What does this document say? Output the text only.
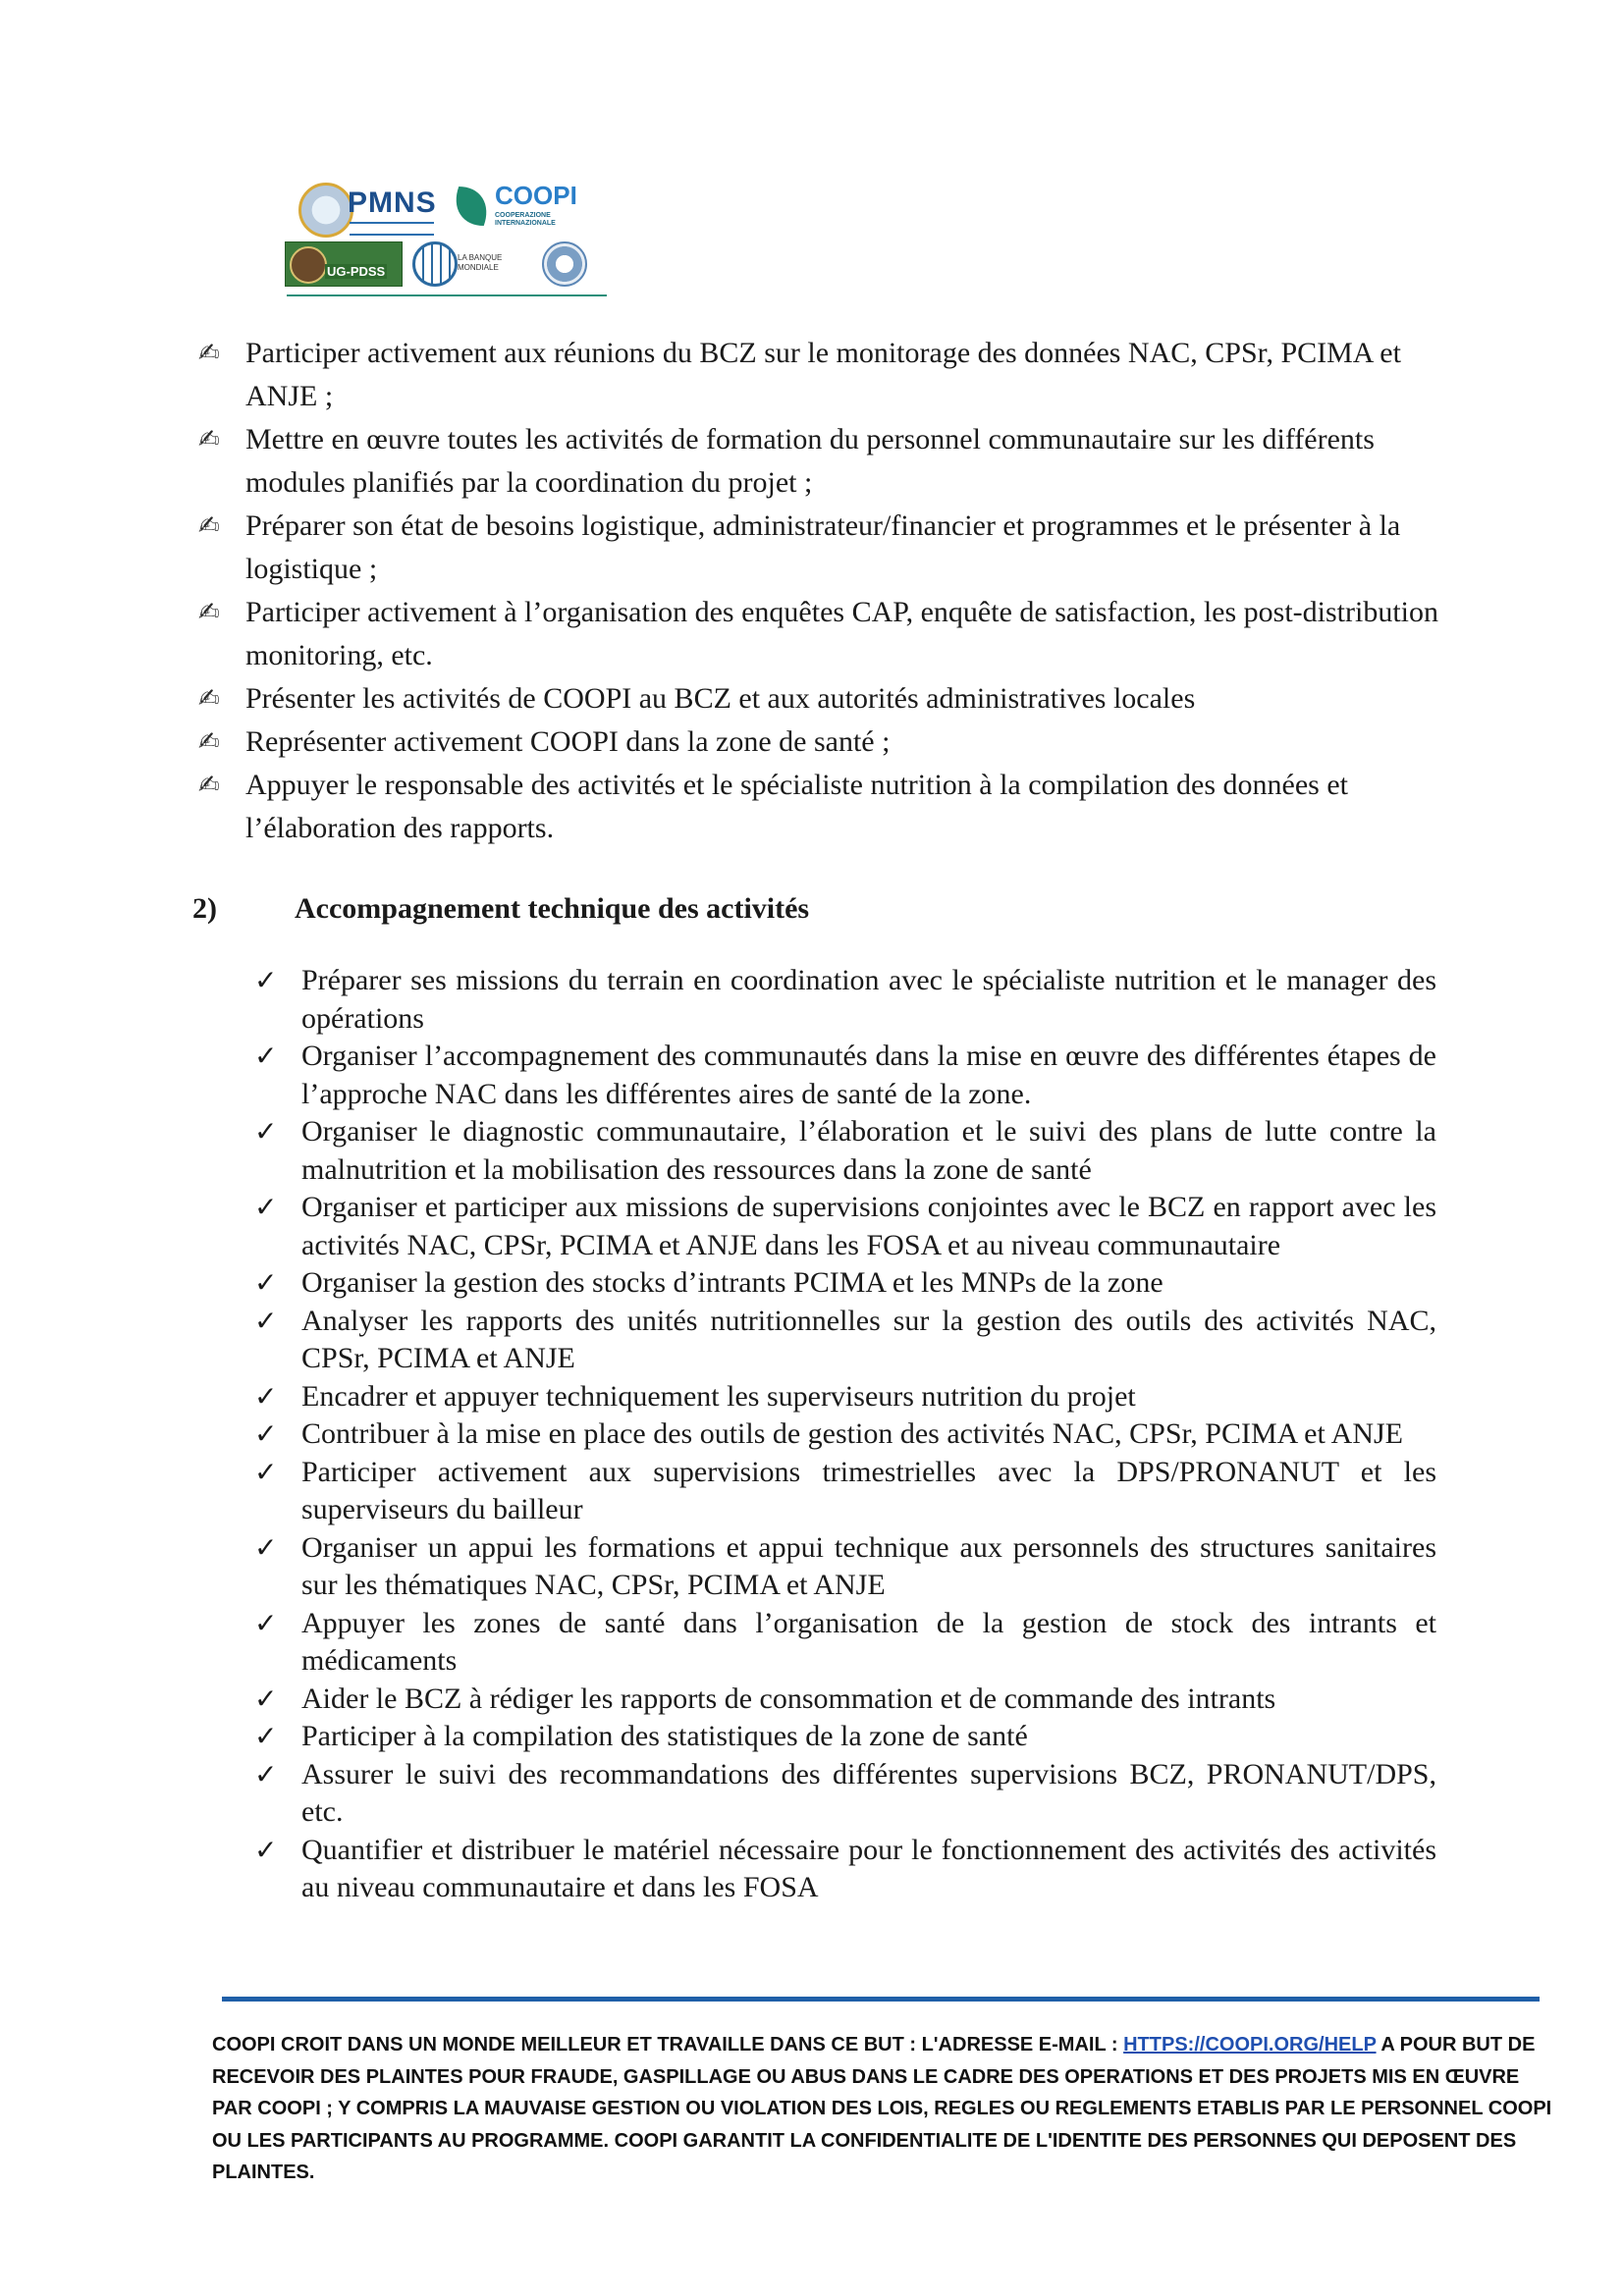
PMNS COOPI
COOPERAZIONE INTERNAZIONALE
UG-PDSS
LA BANQUE MONDIALE
✍ Participer activement aux réunions du BCZ sur le monitorage des données NAC, CPSr, PCIMA et ANJE ;
✍ Mettre en œuvre toutes les activités de formation du personnel communautaire sur les différents modules planifiés par la coordination du projet ;
✍ Préparer son état de besoins logistique, administrateur/financier et programmes et le présenter à la logistique ;
✍ Participer activement à l’organisation des enquêtes CAP, enquête de satisfaction, les post-distribution monitoring, etc.
✍ Présenter les activités de COOPI au BCZ et aux autorités administratives locales
✍ Représenter activement COOPI dans la zone de santé ;
✍ Appuyer le responsable des activités et le spécialiste nutrition à la compilation des données et l’élaboration des rapports.
2)	Accompagnement technique des activités
✓ Préparer ses missions du terrain en coordination avec le spécialiste nutrition et le manager des opérations
✓ Organiser l’accompagnement des communautés dans la mise en œuvre des différentes étapes de l’approche NAC dans les différentes aires de santé de la zone.
✓ Organiser le diagnostic communautaire, l’élaboration et le suivi des plans de lutte contre la malnutrition et la mobilisation des ressources dans la zone de santé
✓ Organiser et participer aux missions de supervisions conjointes avec le BCZ en rapport avec les activités NAC, CPSr, PCIMA et ANJE dans les FOSA et au niveau communautaire
✓ Organiser la gestion des stocks d’intrants PCIMA et les MNPs de la zone
✓ Analyser les rapports des unités nutritionnelles sur la gestion des outils des activités NAC, CPSr, PCIMA et ANJE
✓ Encadrer et appuyer techniquement les superviseurs nutrition du projet
✓ Contribuer à la mise en place des outils de gestion des activités NAC, CPSr, PCIMA et ANJE
✓ Participer activement aux supervisions trimestrielles avec la DPS/PRONANUT et les superviseurs du bailleur
✓ Organiser un appui les formations et appui technique aux personnels des structures sanitaires sur les thématiques NAC, CPSr, PCIMA et ANJE
✓ Appuyer les zones de santé dans l’organisation de la gestion de stock des intrants et médicaments
✓ Aider le BCZ à rédiger les rapports de consommation et de commande des intrants
✓ Participer à la compilation des statistiques de la zone de santé
✓ Assurer le suivi des recommandations des différentes supervisions BCZ, PRONANUT/DPS, etc.
✓ Quantifier et distribuer le matériel nécessaire pour le fonctionnement des activités des activités au niveau communautaire et dans les FOSA
COOPI CROIT DANS UN MONDE MEILLEUR ET TRAVAILLE DANS CE BUT : L'ADRESSE E-MAIL : HTTPS://COOPI.ORG/HELP A POUR BUT DE RECEVOIR DES PLAINTES POUR FRAUDE, GASPILLAGE OU ABUS DANS LE CADRE DES OPERATIONS ET DES PROJETS MIS EN ŒUVRE PAR COOPI ; Y COMPRIS LA MAUVAISE GESTION OU VIOLATION DES LOIS, REGLES OU REGLEMENTS ETABLIS PAR LE PERSONNEL COOPI OU LES PARTICIPANTS AU PROGRAMME. COOPI GARANTIT LA CONFIDENTIALITE DE L'IDENTITE DES PERSONNES QUI DEPOSENT DES PLAINTES.
